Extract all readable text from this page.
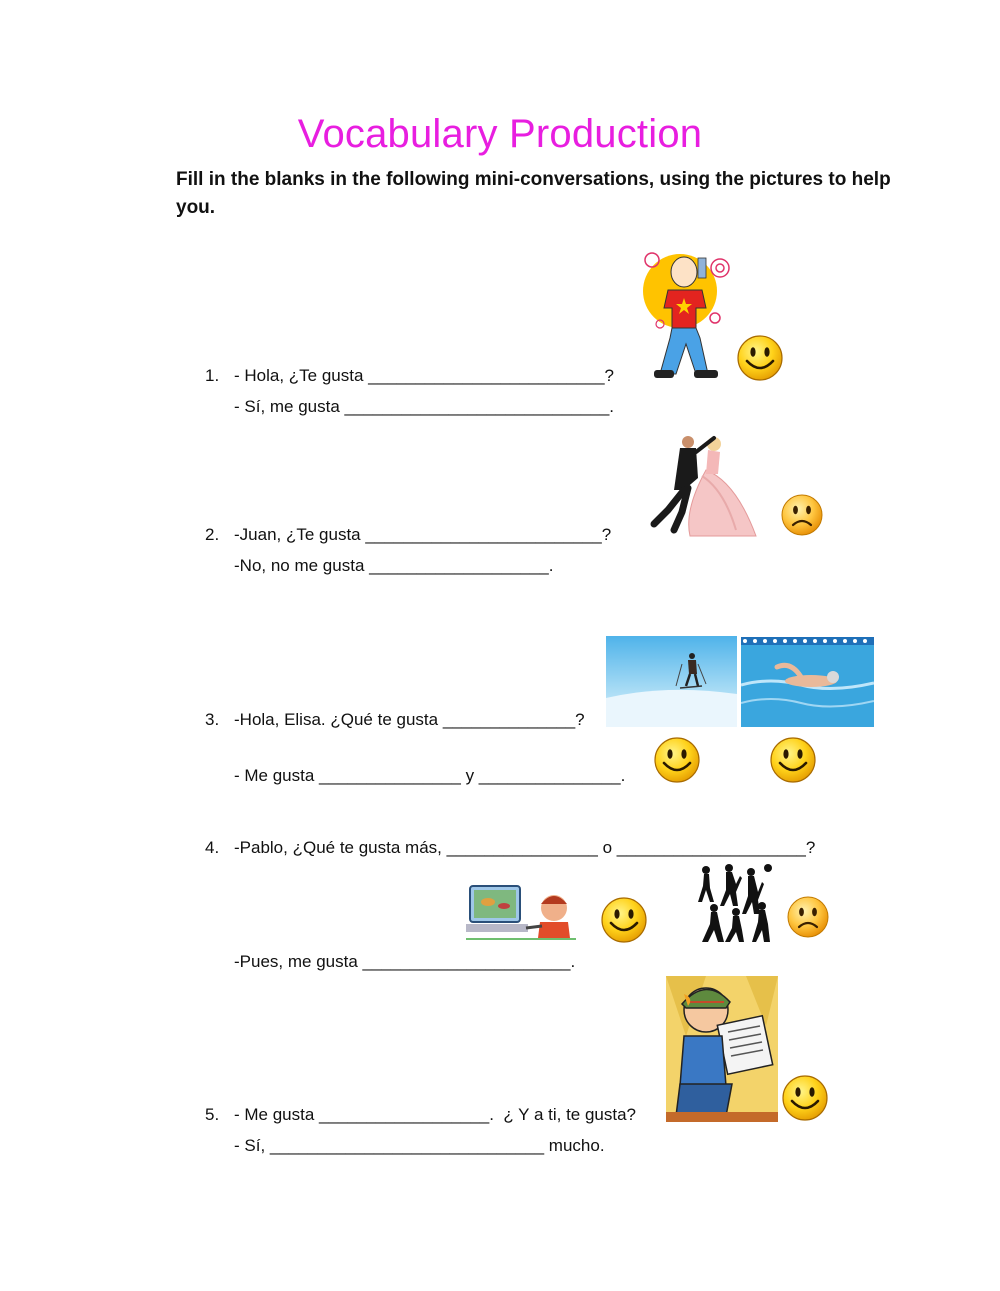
Vocabulary Production
Fill in the blanks in the following mini-conversations, using the pictures to help you.
1. - Hola, ¿Te gusta _________________________?
- Sí, me gusta ____________________________.
2. -Juan, ¿Te gusta _________________________?
-No, no me gusta ___________________.
3. -Hola, Elisa. ¿Qué te gusta ______________?
- Me gusta _______________ y _______________.
4. -Pablo, ¿Qué te gusta más, ________________ o ____________________?
-Pues, me gusta ______________________.
5. - Me gusta __________________.  ¿ Y a ti, te gusta?
- Sí, _____________________________ mucho.
